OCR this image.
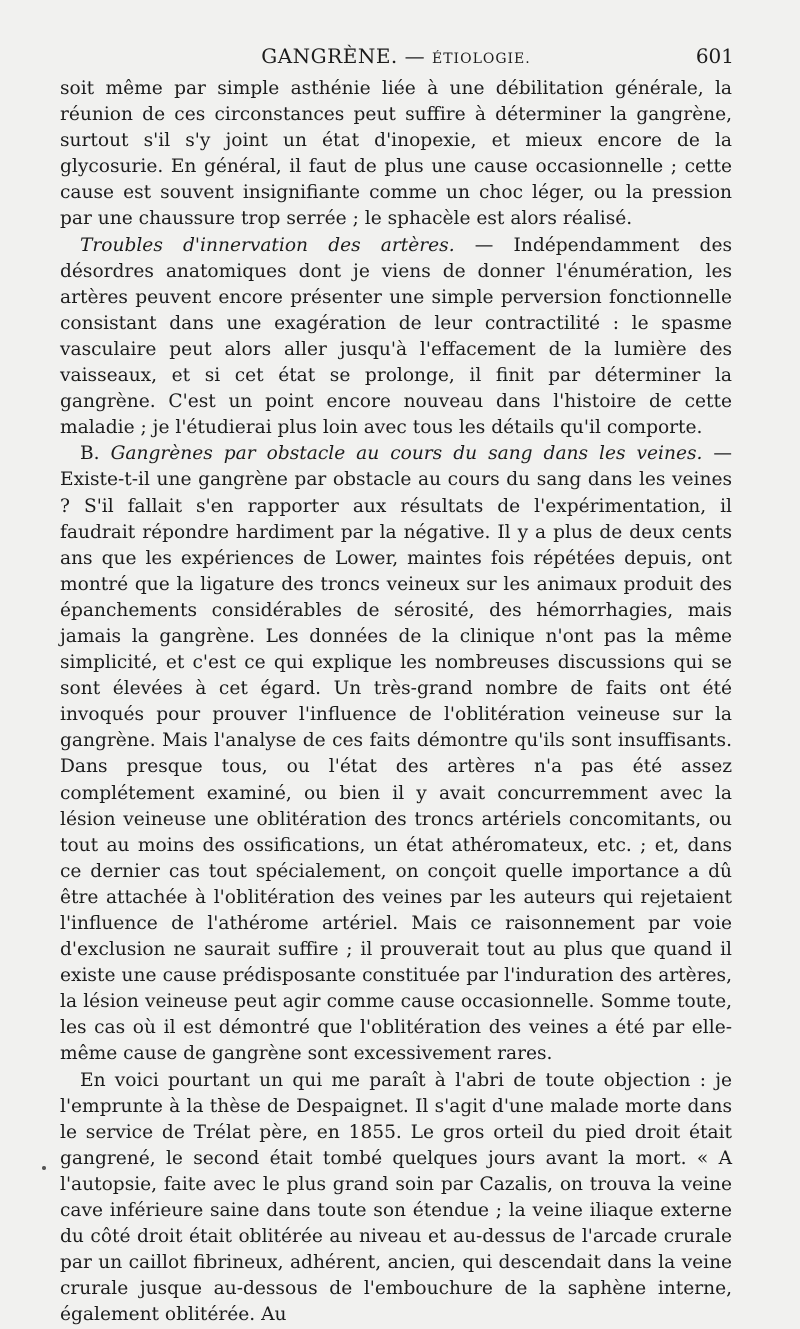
GANGRÈNE. — ÉTIOLOGIE.	601

soit même par simple asthénie liée à une débilitation générale, la réunion de ces circonstances peut suffire à déterminer la gangrène, surtout s'il s'y joint un état d'inopexie, et mieux encore de la glycosurie. En général, il faut de plus une cause occasionnelle ; cette cause est souvent insignifiante comme un choc léger, ou la pression par une chaussure trop serrée ; le sphacèle est alors réalisé.

Troubles d'innervation des artères. — Indépendamment des désordres anatomiques dont je viens de donner l'énumération, les artères peuvent encore présenter une simple perversion fonctionnelle consistant dans une exagération de leur contractilité : le spasme vasculaire peut alors aller jusqu'à l'effacement de la lumière des vaisseaux, et si cet état se prolonge, il finit par déterminer la gangrène. C'est un point encore nouveau dans l'histoire de cette maladie ; je l'étudierai plus loin avec tous les détails qu'il comporte.

B. Gangrènes par obstacle au cours du sang dans les veines. — Existe-t-il une gangrène par obstacle au cours du sang dans les veines ? S'il fallait s'en rapporter aux résultats de l'expérimentation, il faudrait répondre hardiment par la négative. Il y a plus de deux cents ans que les expériences de Lower, maintes fois répétées depuis, ont montré que la ligature des troncs veineux sur les animaux produit des épanchements considérables de sérosité, des hémorrhagies, mais jamais la gangrène. Les données de la clinique n'ont pas la même simplicité, et c'est ce qui explique les nombreuses discussions qui se sont élevées à cet égard. Un très-grand nombre de faits ont été invoqués pour prouver l'influence de l'oblitération veineuse sur la gangrène. Mais l'analyse de ces faits démontre qu'ils sont insuffisants. Dans presque tous, ou l'état des artères n'a pas été assez complétement examiné, ou bien il y avait concurremment avec la lésion veineuse une oblitération des troncs artériels concomitants, ou tout au moins des ossifications, un état athéromateux, etc. ; et, dans ce dernier cas tout spécialement, on conçoit quelle importance a dû être attachée à l'oblitération des veines par les auteurs qui rejetaient l'influence de l'athérome artériel. Mais ce raisonnement par voie d'exclusion ne saurait suffire ; il prouverait tout au plus que quand il existe une cause prédisposante constituée par l'induration des artères, la lésion veineuse peut agir comme cause occasionnelle. Somme toute, les cas où il est démontré que l'oblitération des veines a été par elle-même cause de gangrène sont excessivement rares.

En voici pourtant un qui me paraît à l'abri de toute objection : je l'emprunte à la thèse de Despaignet. Il s'agit d'une malade morte dans le service de Trélat père, en 1855. Le gros orteil du pied droit était gangrené, le second était tombé quelques jours avant la mort. « A l'autopsie, faite avec le plus grand soin par Cazalis, on trouva la veine cave inférieure saine dans toute son étendue ; la veine iliaque externe du côté droit était oblitérée au niveau et au-dessus de l'arcade crurale par un caillot fibrineux, adhérent, ancien, qui descendait dans la veine crurale jusque au-dessous de l'embouchure de la saphène interne, également oblitérée. Au
